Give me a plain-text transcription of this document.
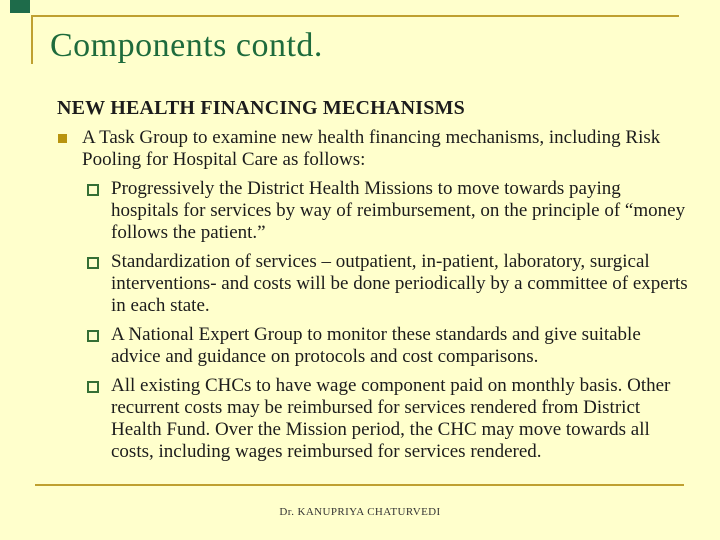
Components contd.
NEW HEALTH FINANCING MECHANISMS

A Task Group to examine new health financing mechanisms, including Risk Pooling for Hospital Care as follows:

Progressively the District Health Missions to move towards paying hospitals for services by way of reimbursement, on the principle of “money follows the patient.”

Standardization of services – outpatient, in-patient, laboratory, surgical interventions- and costs will be done periodically by a committee of experts in each state.

A National Expert Group to monitor these standards and give suitable advice and guidance on protocols and cost comparisons.

All existing CHCs to have wage component paid on monthly basis. Other recurrent costs may be reimbursed for services rendered from District Health Fund. Over the Mission period, the CHC may move towards all costs, including wages reimbursed for services rendered.

Dr. KANUPRIYA CHATURVEDI
